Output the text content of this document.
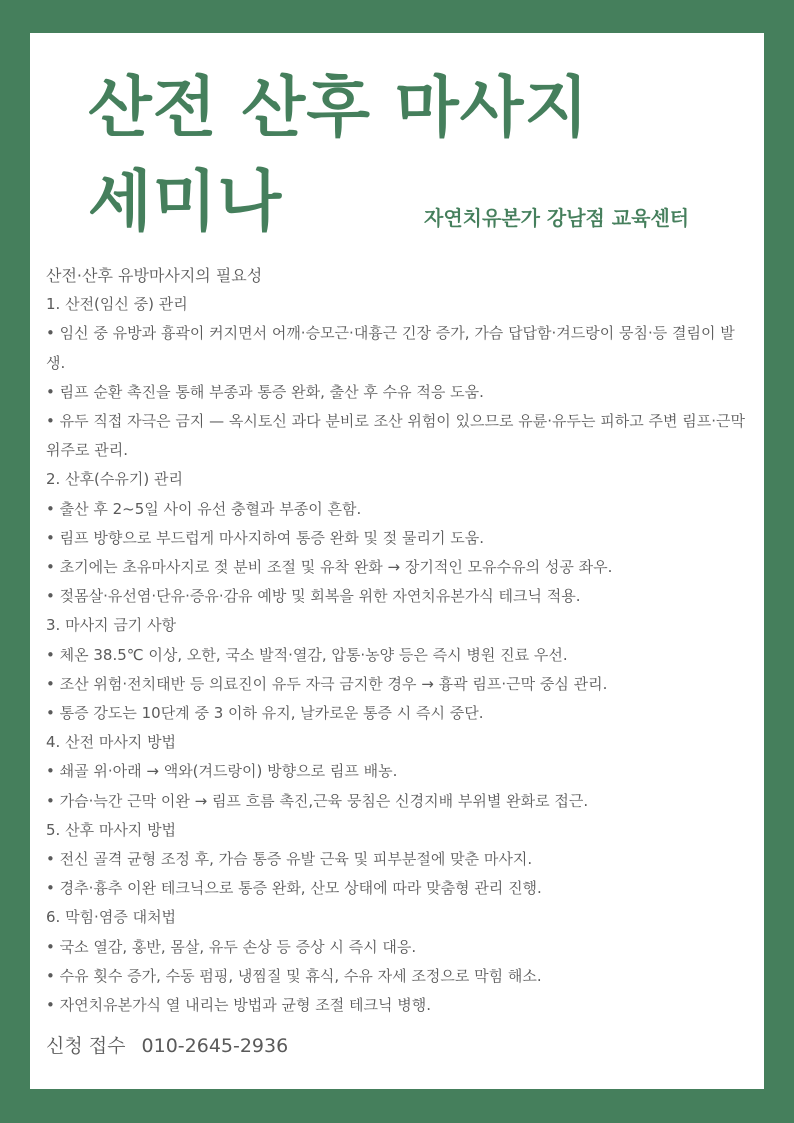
산전 산후 마사지
세미나	자연치유본가 강남점 교육센터
산전·산후 유방마사지의 필요성
1. 산전(임신 중) 관리
• 임신 중 유방과 흉곽이 커지면서 어깨·승모근·대흉근 긴장 증가, 가슴 답답함·겨드랑이 뭉침·등 결림이 발생.
• 림프 순환 촉진을 통해 부종과 통증 완화, 출산 후 수유 적응 도움.
• 유두 직접 자극은 금지 — 옥시토신 과다 분비로 조산 위험이 있으므로 유륜·유두는 피하고 주변 림프·근막 위주로 관리.
2. 산후(수유기) 관리
• 출산 후 2~5일 사이 유선 충혈과 부종이 흔함.
• 림프 방향으로 부드럽게 마사지하여 통증 완화 및 젖 물리기 도움.
• 초기에는 초유마사지로 젖 분비 조절 및 유착 완화 → 장기적인 모유수유의 성공 좌우.
• 젖몸살·유선염·단유·증유·감유 예방 및 회복을 위한 자연치유본가식 테크닉 적용.
3. 마사지 금기 사항
• 체온 38.5℃ 이상, 오한, 국소 발적·열감, 압통·농양 등은 즉시 병원 진료 우선.
• 조산 위험·전치태반 등 의료진이 유두 자극 금지한 경우 → 흉곽 림프·근막 중심 관리.
• 통증 강도는 10단계 중 3 이하 유지, 날카로운 통증 시 즉시 중단.
4. 산전 마사지 방법
• 쇄골 위·아래 → 액와(겨드랑이) 방향으로 림프 배농.
• 가슴·늑간 근막 이완 → 림프 흐름 촉진,근육 뭉침은 신경지배 부위별 완화로 접근.
5. 산후 마사지 방법
• 전신 골격 균형 조정 후, 가슴 통증 유발 근육 및 피부분절에 맞춘 마사지.
• 경추·흉추 이완 테크닉으로 통증 완화, 산모 상태에 따라 맞춤형 관리 진행.
6. 막힘·염증 대처법
• 국소 열감, 홍반, 몸살, 유두 손상 등 증상 시 즉시 대응.
• 수유 횟수 증가, 수동 펌핑, 냉찜질 및 휴식, 수유 자세 조정으로 막힘 해소.
• 자연치유본가식 열 내리는 방법과 균형 조절 테크닉 병행.
신청 접수 010-2645-2936
